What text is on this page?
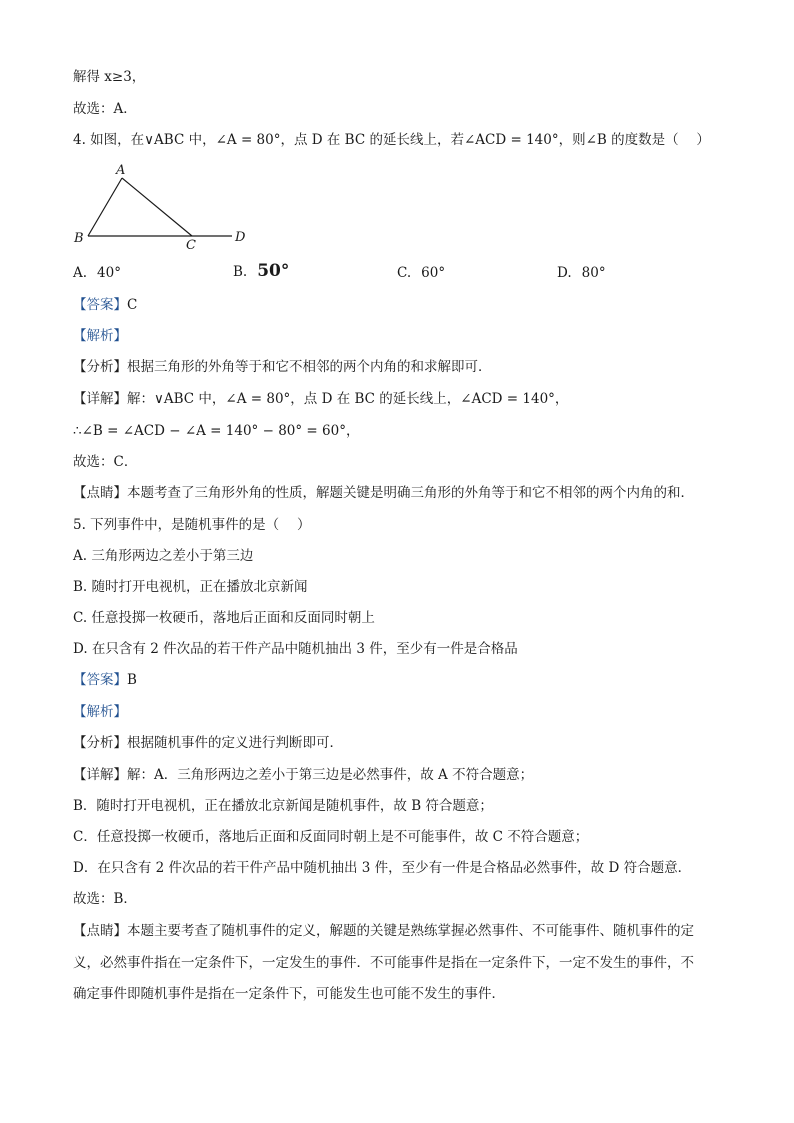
解得 x≥3，
故选：A．
4. 如图，在∨ABC 中，∠A = 80°，点 D 在 BC 的延长线上，若∠ACD = 140°，则∠B 的度数是（　 ）
A
B	C
D
A. 40°	B. 50°	C. 60°	D. 80°
【答案】C
【解析】
【分析】根据三角形的外角等于和它不相邻的两个内角的和求解即可．
【详解】解：∨ABC 中，∠A = 80°，点 D 在 BC 的延长线上，∠ACD = 140°，
∴∠B = ∠ACD − ∠A = 140° − 80° = 60°，
故选：C．
【点睛】本题考查了三角形外角的性质，解题关键是明确三角形的外角等于和它不相邻的两个内角的和．
5. 下列事件中，是随机事件的是（　 ）
A. 三角形两边之差小于第三边
B. 随时打开电视机，正在播放北京新闻
C. 任意投掷一枚硬币，落地后正面和反面同时朝上
D. 在只含有 2 件次品的若干件产品中随机抽出 3 件，至少有一件是合格品
【答案】B
【解析】
【分析】根据随机事件的定义进行判断即可．
【详解】解：A．三角形两边之差小于第三边是必然事件，故 A 不符合题意；
B．随时打开电视机，正在播放北京新闻是随机事件，故 B 符合题意；
C．任意投掷一枚硬币，落地后正面和反面同时朝上是不可能事件，故 C 不符合题意；
D．在只含有 2 件次品的若干件产品中随机抽出 3 件，至少有一件是合格品必然事件，故 D 符合题意．
故选：B．
【点睛】本题主要考查了随机事件的定义，解题的关键是熟练掌握必然事件、不可能事件、随机事件的定
义，必然事件指在一定条件下，一定发生的事件．不可能事件是指在一定条件下，一定不发生的事件，不
确定事件即随机事件是指在一定条件下，可能发生也可能不发生的事件．
